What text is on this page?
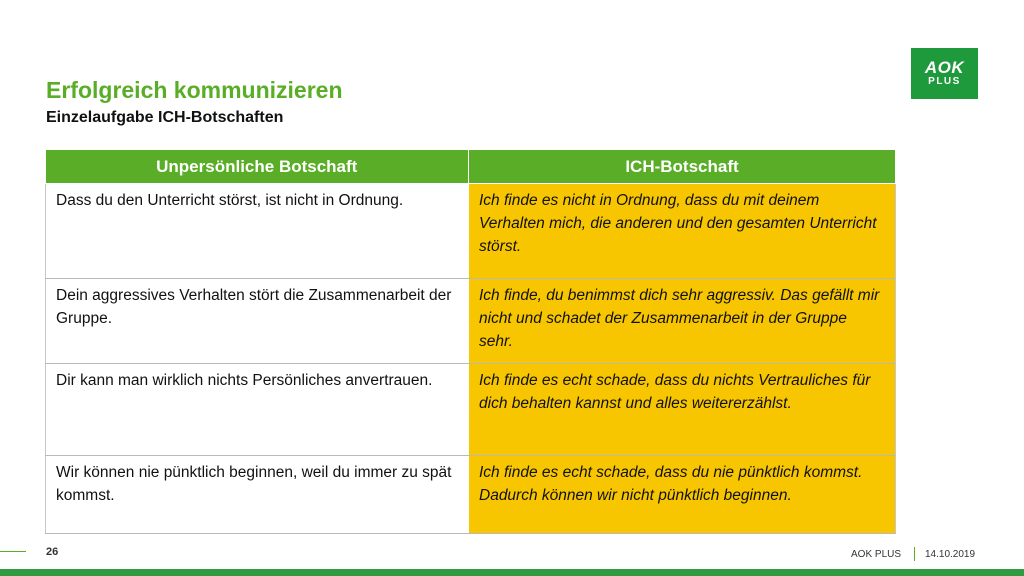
Erfolgreich kommunizieren
Einzelaufgabe ICH-Botschaften
AOK
PLUS
Unpersönliche Botschaft	ICH-Botschaft
Dass du den Unterricht störst, ist nicht in Ordnung.	Ich finde es nicht in Ordnung, dass du mit deinem Verhalten mich, die anderen und den gesamten Unterricht störst.
Dein aggressives Verhalten stört die Zusammenarbeit der Gruppe.	Ich finde, du benimmst dich sehr aggressiv. Das gefällt mir nicht und schadet der Zusammenarbeit in der Gruppe sehr.
Dir kann man wirklich nichts Persönliches anvertrauen.	Ich finde es echt schade, dass du nichts Vertrauliches für dich behalten kannst und alles weitererzählst.
Wir können nie pünktlich beginnen, weil du immer zu spät kommst.	Ich finde es echt schade, dass du nie pünktlich kommst. Dadurch können wir nicht pünktlich beginnen.
26	AOK PLUS 14.10.2019
